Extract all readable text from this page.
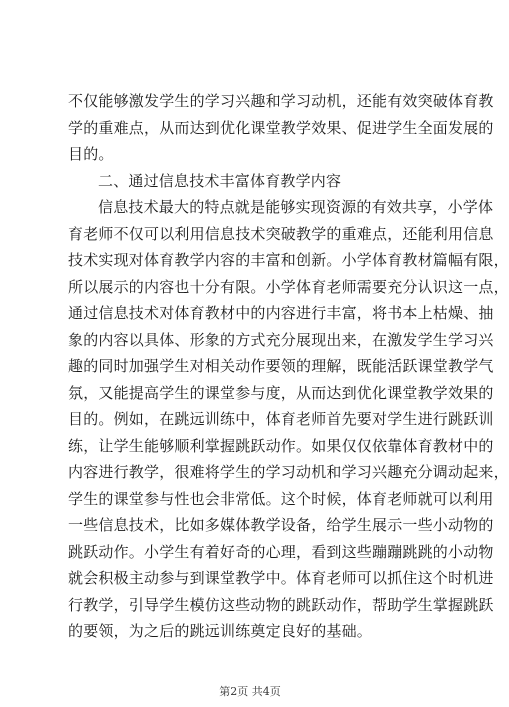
不仅能够激发学生的学习兴趣和学习动机，还能有效突破体育教
学的重难点，从而达到优化课堂教学效果、促进学生全面发展的
目的。
二、通过信息技术丰富体育教学内容
信息技术最大的特点就是能够实现资源的有效共享，小学体
育老师不仅可以利用信息技术突破教学的重难点，还能利用信息
技术实现对体育教学内容的丰富和创新。小学体育教材篇幅有限，
所以展示的内容也十分有限。小学体育老师需要充分认识这一点，
通过信息技术对体育教材中的内容进行丰富，将书本上枯燥、抽
象的内容以具体、形象的方式充分展现出来，在激发学生学习兴
趣的同时加强学生对相关动作要领的理解，既能活跃课堂教学气
氛，又能提高学生的课堂参与度，从而达到优化课堂教学效果的
目的。例如，在跳远训练中，体育老师首先要对学生进行跳跃训
练，让学生能够顺利掌握跳跃动作。如果仅仅依靠体育教材中的
内容进行教学，很难将学生的学习动机和学习兴趣充分调动起来，
学生的课堂参与性也会非常低。这个时候，体育老师就可以利用
一些信息技术，比如多媒体教学设备，给学生展示一些小动物的
跳跃动作。小学生有着好奇的心理，看到这些蹦蹦跳跳的小动物
就会积极主动参与到课堂教学中。体育老师可以抓住这个时机进
行教学，引导学生模仿这些动物的跳跃动作，帮助学生掌握跳跃
的要领，为之后的跳远训练奠定良好的基础。
第2页 共4页
